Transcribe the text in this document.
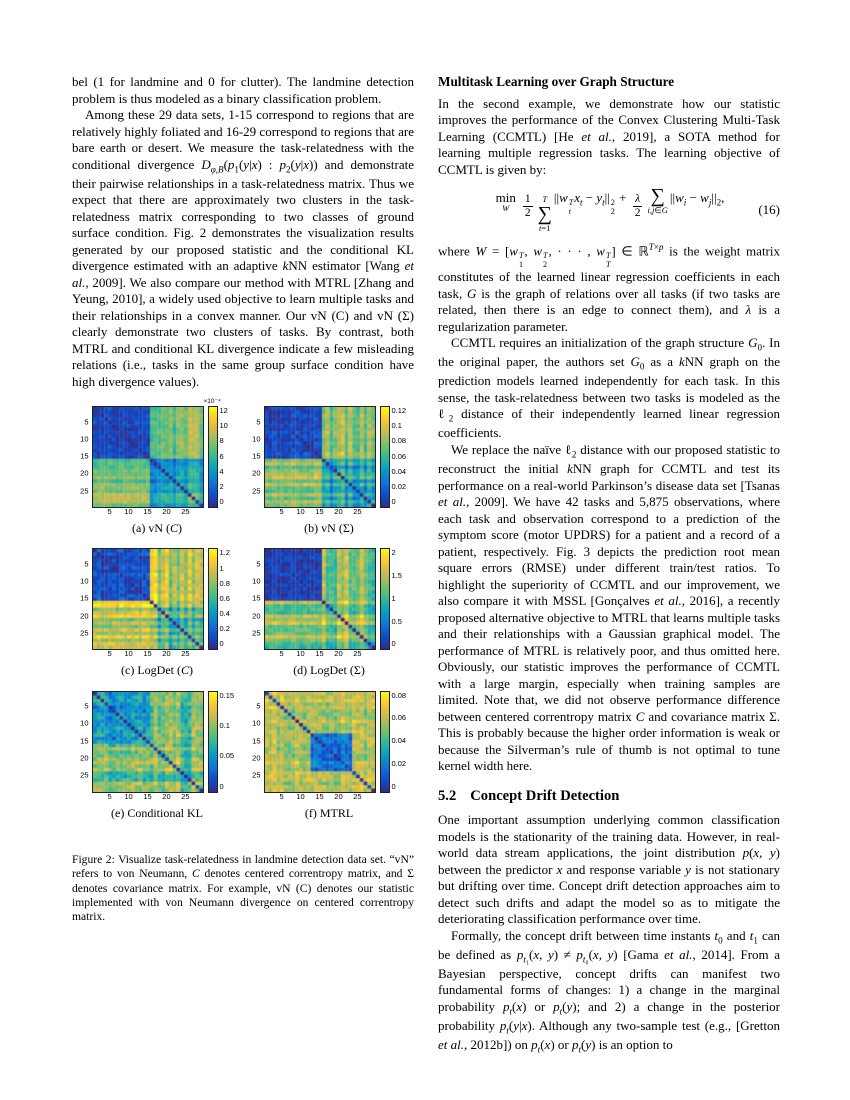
bel (1 for landmine and 0 for clutter). The landmine detection problem is thus modeled as a binary classification problem.

Among these 29 data sets, 1-15 correspond to regions that are relatively highly foliated and 16-29 correspond to regions that are bare earth or desert. We measure the task-relatedness with the conditional divergence $D_{\varphi,B}(p_1(y|x)$ : $p_2(y|x)$) and demonstrate their pairwise relationships in a task-relatedness matrix. Thus we expect that there are approximately two clusters in the task-relatedness matrix corresponding to two classes of ground surface condition. Fig. 2 demonstrates the visualization results generated by our proposed statistic and the conditional KL divergence estimated with an adaptive kNN estimator [Wang et al., 2009]. We also compare our method with MTRL [Zhang and Yeung, 2010], a widely used objective to learn multiple tasks and their relationships in a convex manner. Our vN (C) and vN (Σ) clearly demonstrate two clusters of tasks. By contrast, both MTRL and conditional KL divergence indicate a few misleading relations (i.e., tasks in the same group surface condition have high divergence values).

5
10
15
20
25
×10⁻⁴
12
10
8
6
4
2
0
5 10 15 20 25
(a) vN (C)
5
10
15
20
25
0.12
0.1
0.08
0.06
0.04
0.02
0
5 10 15 20 25
(b) vN (Σ)
5
10
15
20
25
1.2
1
0.8
0.6
0.4
0.2
0
5 10 15 20 25
(c) LogDet (C)
5
10
15
20
25
2
1.5
1
0.5
0
5 10 15 20 25
(d) LogDet (Σ)
5
10
15
20
25
0.15
0.1
0.05
0
5 10 15 20 25
(e) Conditional KL
5
10
15
20
25
0.08
0.06
0.04
0.02
0
5 10 15 20 25
(f) MTRL

Figure 2: Visualize task-relatedness in landmine detection data set. “vN” refers to von Neumann, C denotes centered correntropy matrix, and Σ denotes covariance matrix. For example, vN (C) denotes our statistic implemented with von Neumann divergence on centered correntropy matrix.

Multitask Learning over Graph Structure

In the second example, we demonstrate how our statistic improves the performance of the Convex Clustering Multi-Task Learning (CCMTL) [He et al., 2019], a SOTA method for learning multiple regression tasks. The learning objective of CCMTL is given by:

min
W $\frac{1}{2}$ T
∑
t=1
||w T
t
$x_t - y_t||$ 2
2
+ $\frac{\lambda}{2}$ ∑
i,j∈G
$||w_i - w_j||_2$,
(16)

where W = [w T
1
, w T
2
, · · · , w T
T
] ∈ ℝ$^{T\times p}$ is the weight matrix constitutes of the learned linear regression coefficients in each task, G is the graph of relations over all tasks (if two tasks are related, then there is an edge to connect them), and λ is a regularization parameter.

CCMTL requires an initialization of the graph structure $G_0$. In the original paper, the authors set $G_0$ as a kNN graph on the prediction models learned independently for each task. In this sense, the task-relatedness between two tasks is modeled as the ℓ$_2$ distance of their independently learned linear regression coefficients.

We replace the naïve ℓ$_2$ distance with our proposed statistic to reconstruct the initial kNN graph for CCMTL and test its performance on a real-world Parkinson’s disease data set [Tsanas et al., 2009]. We have 42 tasks and 5,875 observations, where each task and observation correspond to a prediction of the symptom score (motor UPDRS) for a patient and a record of a patient, respectively. Fig. 3 depicts the prediction root mean square errors (RMSE) under different train/test ratios. To highlight the superiority of CCMTL and our improvement, we also compare it with MSSL [Gonçalves et al., 2016], a recently proposed alternative objective to MTRL that learns multiple tasks and their relationships with a Gaussian graphical model. The performance of MTRL is relatively poor, and thus omitted here. Obviously, our statistic improves the performance of CCMTL with a large margin, especially when training samples are limited. Note that, we did not observe performance difference between centered correntropy matrix C and covariance matrix Σ. This is probably because the higher order information is weak or because the Silverman’s rule of thumb is not optimal to tune kernel width here.

5.2 Concept Drift Detection

One important assumption underlying common classification models is the stationarity of the training data. However, in real-world data stream applications, the joint distribution p(x, y) between the predictor x and response variable y is not stationary but drifting over time. Concept drift detection approaches aim to detect such drifts and adapt the model so as to mitigate the deteriorating classification performance over time.

Formally, the concept drift between time instants $t_0$ and $t_1$ can be defined as $p_{t_1}(x$, $y) \ne p_{t_0}(x$, y) [Gama et al., 2014]. From a Bayesian perspective, concept drifts can manifest two fundamental forms of changes: 1) a change in the marginal probability $p_t(x)$ or $p_t(y)$; and 2) a change in the posterior probability $p_t(y|x)$. Although any two-sample test (e.g., [Gretton et al., 2012b]) on $p_t(x)$ or $p_t(y)$ is an option to
